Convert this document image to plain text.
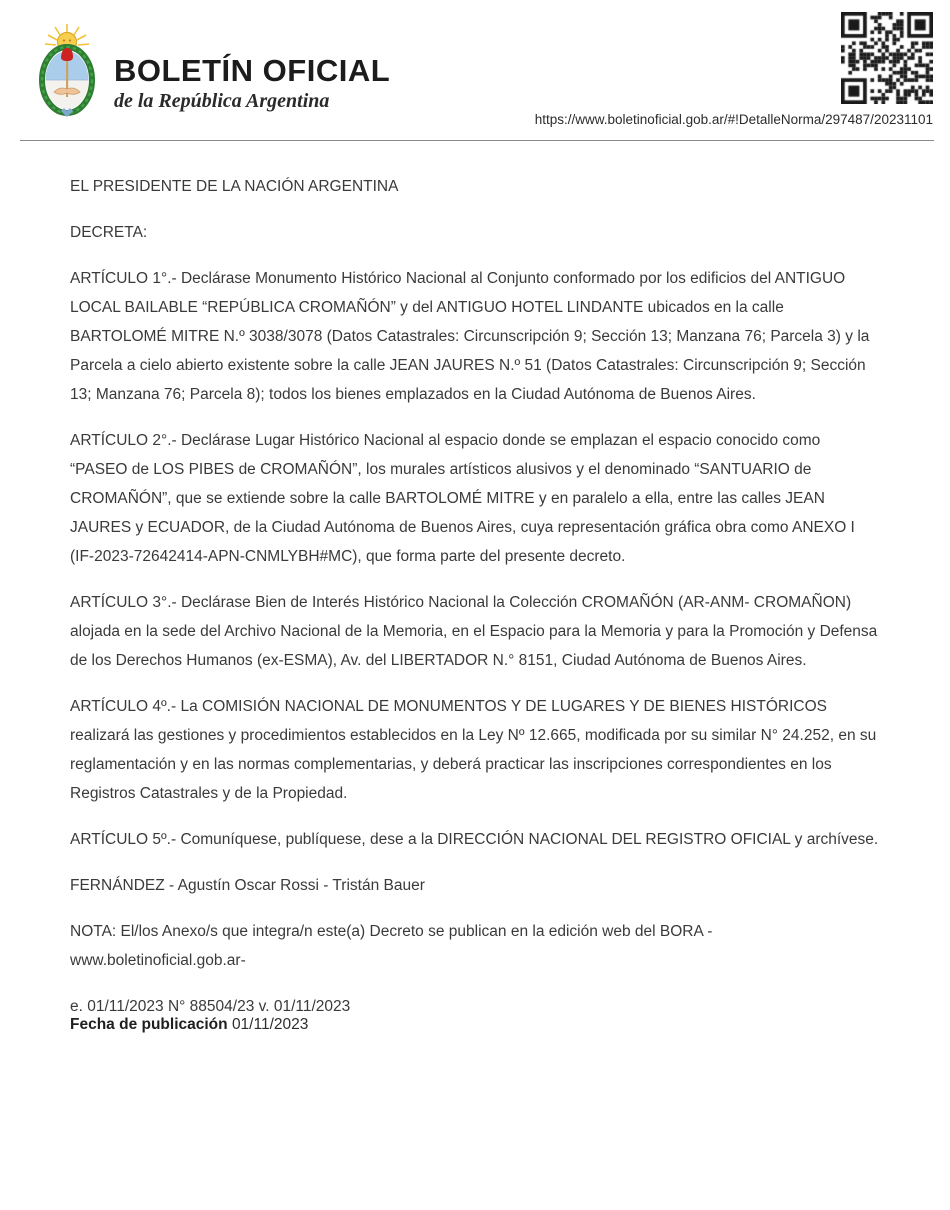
BOLETÍN OFICIAL
de la República Argentina
https://www.boletinoficial.gob.ar/#!DetalleNorma/297487/20231101

EL PRESIDENTE DE LA NACIÓN ARGENTINA

DECRETA:

ARTÍCULO 1°.- Declárase Monumento Histórico Nacional al Conjunto conformado por los edificios del ANTIGUO LOCAL BAILABLE “REPÚBLICA CROMAÑÓN” y del ANTIGUO HOTEL LINDANTE ubicados en la calle BARTOLOMÉ MITRE N.º 3038/3078 (Datos Catastrales: Circunscripción 9; Sección 13; Manzana 76; Parcela 3) y la Parcela a cielo abierto existente sobre la calle JEAN JAURES N.º 51 (Datos Catastrales: Circunscripción 9; Sección 13; Manzana 76; Parcela 8); todos los bienes emplazados en la Ciudad Autónoma de Buenos Aires.

ARTÍCULO 2°.- Declárase Lugar Histórico Nacional al espacio donde se emplazan el espacio conocido como “PASEO de LOS PIBES de CROMAÑÓN”, los murales artísticos alusivos y el denominado “SANTUARIO de CROMAÑÓN”, que se extiende sobre la calle BARTOLOMÉ MITRE y en paralelo a ella, entre las calles JEAN JAURES y ECUADOR, de la Ciudad Autónoma de Buenos Aires, cuya representación gráfica obra como ANEXO I (IF-2023-72642414-APN-CNMLYBH#MC), que forma parte del presente decreto.

ARTÍCULO 3°.- Declárase Bien de Interés Histórico Nacional la Colección CROMAÑÓN (AR-ANM- CROMAÑON) alojada en la sede del Archivo Nacional de la Memoria, en el Espacio para la Memoria y para la Promoción y Defensa de los Derechos Humanos (ex-ESMA), Av. del LIBERTADOR N.° 8151, Ciudad Autónoma de Buenos Aires.

ARTÍCULO 4º.- La COMISIÓN NACIONAL DE MONUMENTOS Y DE LUGARES Y DE BIENES HISTÓRICOS realizará las gestiones y procedimientos establecidos en la Ley Nº 12.665, modificada por su similar N° 24.252, en su reglamentación y en las normas complementarias, y deberá practicar las inscripciones correspondientes en los Registros Catastrales y de la Propiedad.

ARTÍCULO 5º.- Comuníquese, publíquese, dese a la DIRECCIÓN NACIONAL DEL REGISTRO OFICIAL y archívese.

FERNÁNDEZ - Agustín Oscar Rossi - Tristán Bauer

NOTA: El/los Anexo/s que integra/n este(a) Decreto se publican en la edición web del BORA -www.boletinoficial.gob.ar-

e. 01/11/2023 N° 88504/23 v. 01/11/2023

Fecha de publicación 01/11/2023
